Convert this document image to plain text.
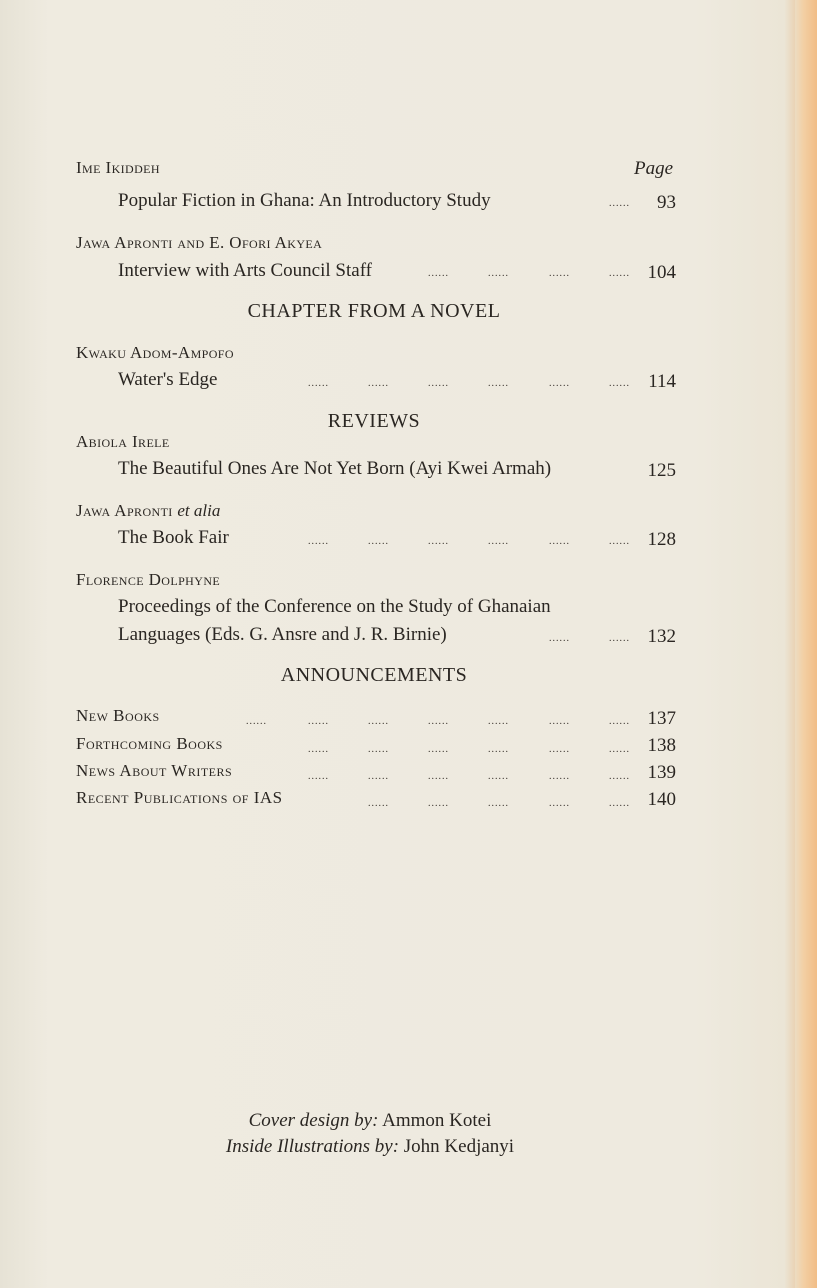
Page
Ime Ikiddeh
Popular Fiction in Ghana: An Introductory Study	......	93
Jawa Apronti and E. Ofori Akyea
Interview with Arts Council Staff	......	......	......	...... 104
CHAPTER FROM A NOVEL
Kwaku Adom-Ampofo
Water's Edge	......	......	......	......	......	...... 114
REVIEWS
Abiola Irele
The Beautiful Ones Are Not Yet Born (Ayi Kwei Armah)	125
Jawa Apronti et alia
The Book Fair	......	......	......	......	......	...... 128
Florence Dolphyne
Proceedings of the Conference on the Study of Ghanaian
Languages (Eds. G. Ansre and J. R. Birnie)	......	...... 132
ANNOUNCEMENTS
New Books	......	......	......	......	......	......	...... 137
Forthcoming Books	......	......	......	......	......	...... 138
News About Writers	......	......	......	......	......	...... 139
Recent Publications of IAS	......	......	......	......	...... 140
Cover design by: Ammon Kotei
Inside Illustrations by: John Kedjanyi
